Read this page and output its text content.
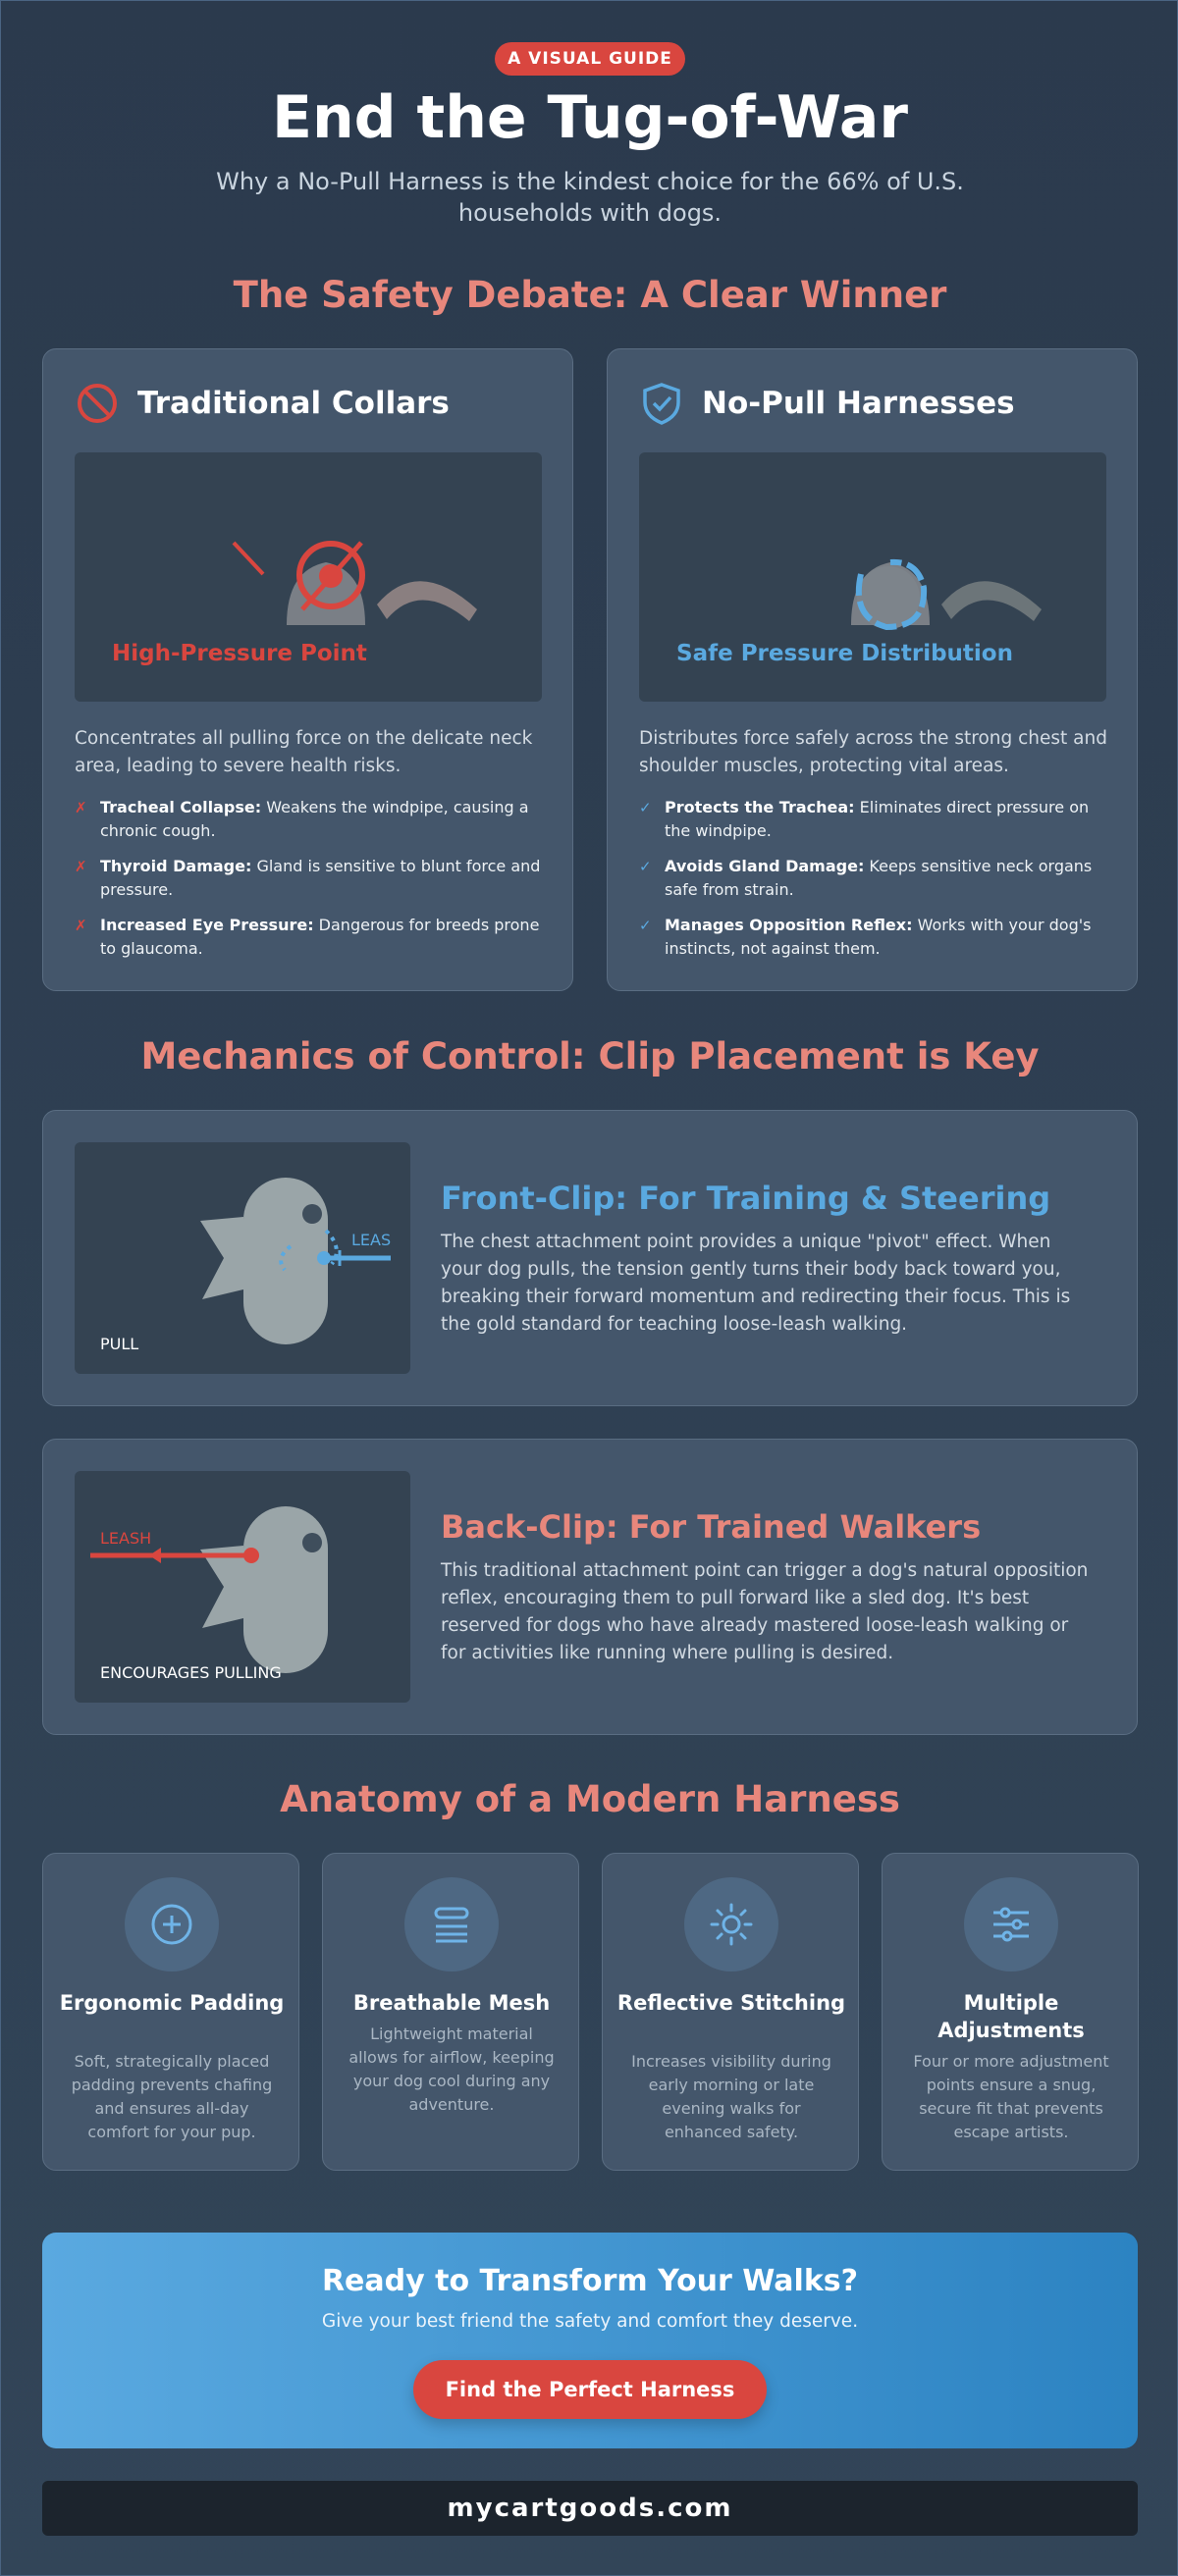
A VISUAL GUIDE
End the Tug-of-War

Why a No-Pull Harness is the kindest choice for the 66% of U.S. households with dogs.

The Safety Debate: A Clear Winner
Traditional Collars
High-Pressure Point

Concentrates all pulling force on the delicate neck area, leading to severe health risks.

✗ Tracheal Collapse: Weakens the windpipe, causing a chronic cough.
✗ Thyroid Damage: Gland is sensitive to blunt force and pressure.
✗ Increased Eye Pressure: Dangerous for breeds prone to glaucoma.
No-Pull Harnesses
Safe Pressure Distribution

Distributes force safely across the strong chest and shoulder muscles, protecting vital areas.

✓ Protects the Trachea: Eliminates direct pressure on the windpipe.
✓ Avoids Gland Damage: Keeps sensitive neck organs safe from strain.
✓ Manages Opposition Reflex: Works with your dog's instincts, not against them.
Mechanics of Control: Clip Placement is Key
LEAS
PULL
Front-Clip: For Training & Steering

The chest attachment point provides a unique "pivot" effect. When your dog pulls, the tension gently turns their body back toward you, breaking their forward momentum and redirecting their focus. This is the gold standard for teaching loose-leash walking.

LEASH
ENCOURAGES PULLING
Back-Clip: For Trained Walkers

This traditional attachment point can trigger a dog's natural opposition reflex, encouraging them to pull forward like a sled dog. It's best reserved for dogs who have already mastered loose-leash walking or for activities like running where pulling is desired.

Anatomy of a Modern Harness
Ergonomic Padding
Soft, strategically placed padding prevents chafing and ensures all-day comfort for your pup.
Breathable Mesh
Lightweight material allows for airflow, keeping your dog cool during any adventure.
Reflective Stitching
Increases visibility during early morning or late evening walks for enhanced safety.
Multiple Adjustments
Four or more adjustment points ensure a snug, secure fit that prevents escape artists.
Ready to Transform Your Walks?
Give your best friend the safety and comfort they deserve.
Find the Perfect Harness
mycartgoods.com
